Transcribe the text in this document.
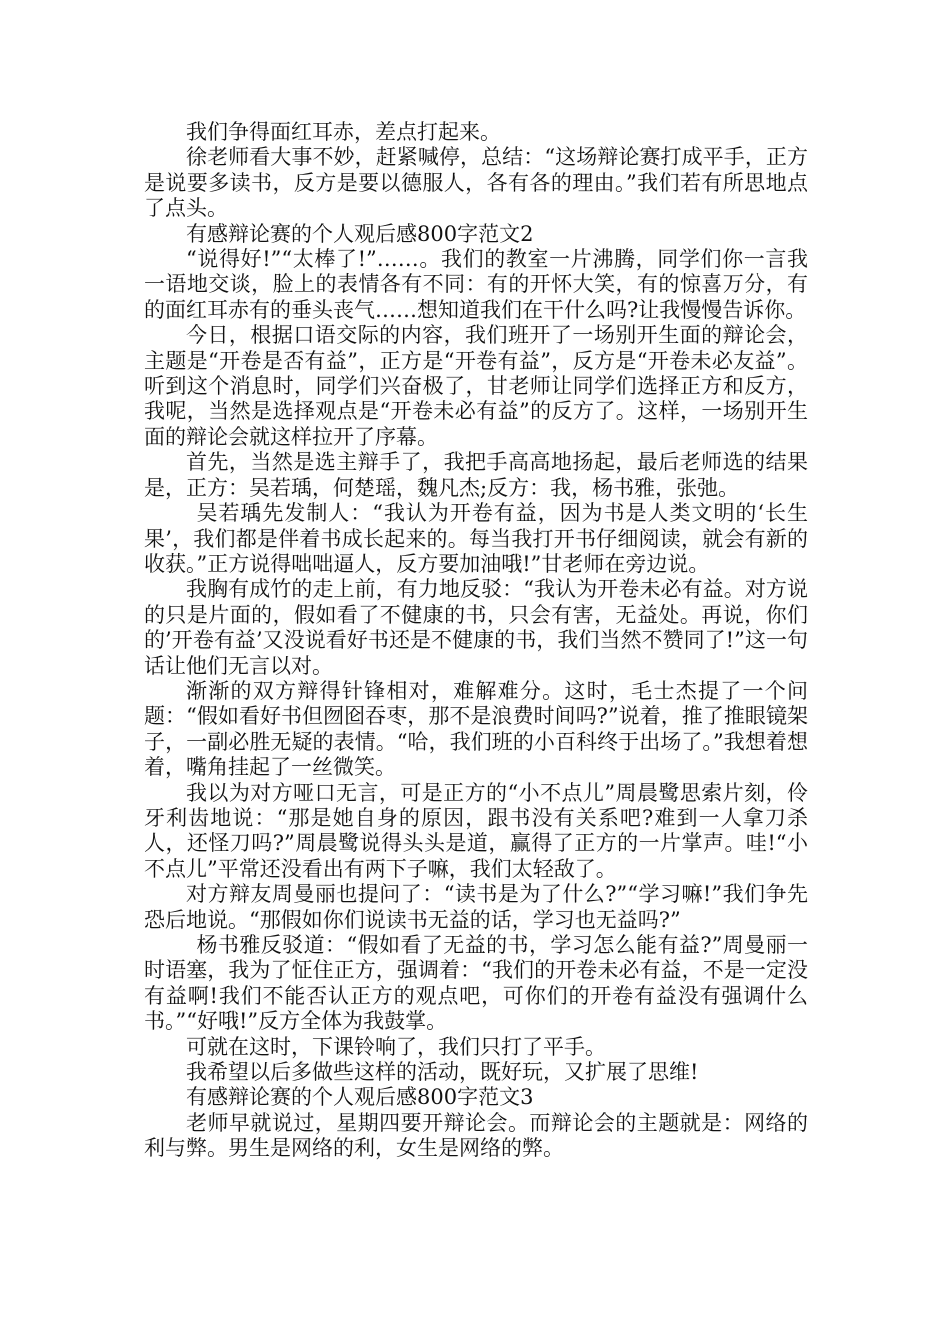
我们争得面红耳赤，差点打起来。

徐老师看大事不妙，赶紧喊停，总结：“这场辩论赛打成平手，正方是说要多读书，反方是要以德服人，各有各的理由。”我们若有所思地点了点头。

有感辩论赛的个人观后感800字范文2

“说得好!”“太棒了!”……。我们的教室一片沸腾，同学们你一言我一语地交谈，脸上的表情各有不同：有的开怀大笑，有的惊喜万分，有的面红耳赤有的垂头丧气……想知道我们在干什么吗?让我慢慢告诉你。

今日，根据口语交际的内容，我们班开了一场别开生面的辩论会，主题是“开卷是否有益”，正方是“开卷有益”，反方是“开卷未必友益”。听到这个消息时，同学们兴奋极了，甘老师让同学们选择正方和反方，我呢，当然是选择观点是“开卷未必有益”的反方了。这样，一场别开生面的辩论会就这样拉开了序幕。

首先，当然是选主辩手了，我把手高高地扬起，最后老师选的结果是，正方：吴若瑀，何楚瑶，魏凡杰;反方：我，杨书雅，张弛。

吴若瑀先发制人：“我认为开卷有益，因为书是人类文明的‘长生果’，我们都是伴着书成长起来的。每当我打开书仔细阅读，就会有新的收获。”正方说得咄咄逼人，反方要加油哦!”甘老师在旁边说。

我胸有成竹的走上前，有力地反驳：“我认为开卷未必有益。对方说的只是片面的，假如看了不健康的书，只会有害，无益处。再说，你们的’开卷有益’又没说看好书还是不健康的书，我们当然不赞同了!”这一句话让他们无言以对。

渐渐的双方辩得针锋相对，难解难分。这时，毛士杰提了一个问题：“假如看好书但囫囵吞枣，那不是浪费时间吗?”说着，推了推眼镜架子，一副必胜无疑的表情。“哈，我们班的小百科终于出场了。”我想着想着，嘴角挂起了一丝微笑。

我以为对方哑口无言，可是正方的“小不点儿”周晨鹭思索片刻，伶牙利齿地说：“那是她自身的原因，跟书没有关系吧?难到一人拿刀杀人，还怪刀吗?”周晨鹭说得头头是道，赢得了正方的一片掌声。哇!“小不点儿”平常还没看出有两下子嘛，我们太轻敌了。

对方辩友周曼丽也提问了：“读书是为了什么?”“学习嘛!”我们争先恐后地说。“那假如你们说读书无益的话，学习也无益吗?”

杨书雅反驳道：“假如看了无益的书，学习怎么能有益?”周曼丽一时语塞，我为了怔住正方，强调着：“我们的开卷未必有益，不是一定没有益啊!我们不能否认正方的观点吧，可你们的开卷有益没有强调什么书。”“好哦!”反方全体为我鼓掌。

可就在这时，下课铃响了，我们只打了平手。

我希望以后多做些这样的活动，既好玩，又扩展了思维!

有感辩论赛的个人观后感800字范文3

老师早就说过，星期四要开辩论会。而辩论会的主题就是：网络的利与弊。男生是网络的利，女生是网络的弊。
